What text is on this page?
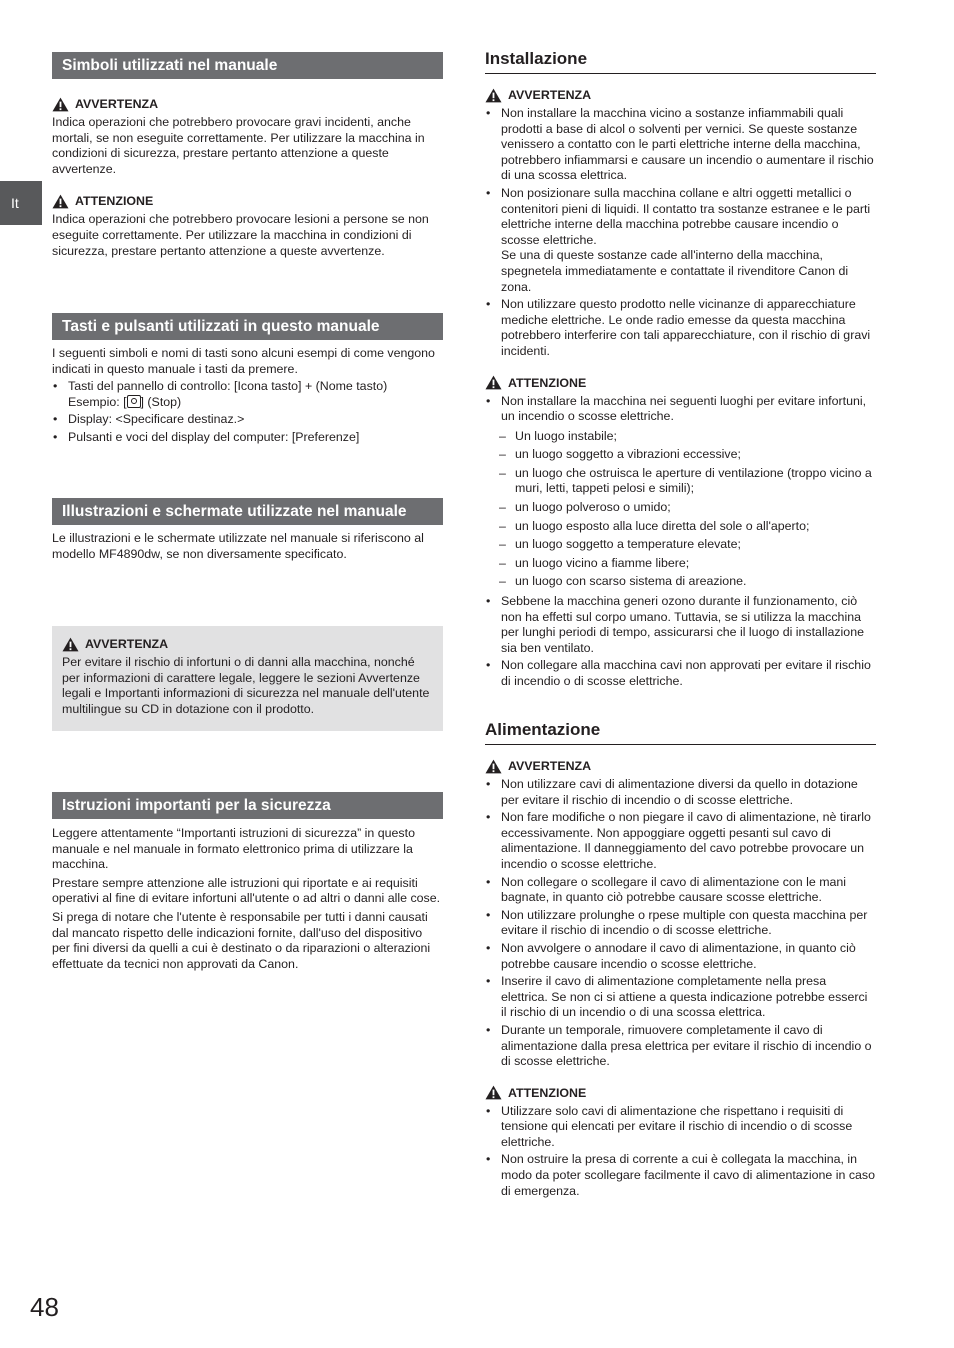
It
Simboli utilizzati nel manuale
AVVERTENZA

Indica operazioni che potrebbero provocare gravi incidenti, anche mortali, se non eseguite correttamente. Per utilizzare la macchina in condizioni di sicurezza, prestare pertanto attenzione a queste avvertenze.

ATTENZIONE

Indica operazioni che potrebbero provocare lesioni a persone se non eseguite correttamente. Per utilizzare la macchina in condizioni di sicurezza, prestare pertanto attenzione a queste avvertenze.

Tasti e pulsanti utilizzati in questo manuale

I seguenti simboli e nomi di tasti sono alcuni esempi di come vengono indicati in questo manuale i tasti da premere.

• Tasti del pannello di controllo: [Icona tasto] + (Nome tasto)
Esempio: [ ] (Stop)
• Display: <Specificare destinaz.>
• Pulsanti e voci del display del computer: [Preferenze]
Illustrazioni e schermate utilizzate nel manuale

Le illustrazioni e le schermate utilizzate nel manuale si riferiscono al modello MF4890dw, se non diversamente specificato.

AVVERTENZA

Per evitare il rischio di infortuni o di danni alla macchina, nonché per informazioni di carattere legale, leggere le sezioni Avvertenze legali e Importanti informazioni di sicurezza nel manuale dell'utente multilingue su CD in dotazione con il prodotto.

Istruzioni importanti per la sicurezza

Leggere attentamente “Importanti istruzioni di sicurezza” in questo manuale e nel manuale in formato elettronico prima di utilizzare la macchina.

Prestare sempre attenzione alle istruzioni qui riportate e ai requisiti operativi al fine di evitare infortuni all'utente o ad altri o danni alle cose.

Si prega di notare che l'utente è responsabile per tutti i danni causati dal mancato rispetto delle indicazioni fornite, dall'uso del dispositivo per fini diversi da quelli a cui è destinato o da riparazioni o alterazioni effettuate da tecnici non approvati da Canon.

Installazione
AVVERTENZA
• Non installare la macchina vicino a sostanze infiammabili quali prodotti a base di alcol o solventi per vernici. Se queste sostanze venissero a contatto con le parti elettriche interne della macchina, potrebbero infiammarsi e causare un incendio o aumentare il rischio di una scossa elettrica.
• Non posizionare sulla macchina collane e altri oggetti metallici o contenitori pieni di liquidi. Il contatto tra sostanze estranee e le parti elettriche interne della macchina potrebbe causare incendio o scosse elettriche.
Se una di queste sostanze cade all'interno della macchina, spegnetela immediatamente e contattate il rivenditore Canon di zona.
• Non utilizzare questo prodotto nelle vicinanze di apparecchiature mediche elettriche. Le onde radio emesse da questa macchina potrebbero interferire con tali apparecchiature, con il rischio di gravi incidenti.
ATTENZIONE
• Non installare la macchina nei seguenti luoghi per evitare infortuni, un incendio o scosse elettriche.
– Un luogo instabile;
– un luogo soggetto a vibrazioni eccessive;
– un luogo che ostruisca le aperture di ventilazione (troppo vicino a muri, letti, tappeti pelosi e simili);
– un luogo polveroso o umido;
– un luogo esposto alla luce diretta del sole o all'aperto;
– un luogo soggetto a temperature elevate;
– un luogo vicino a fiamme libere;
– un luogo con scarso sistema di areazione.
• Sebbene la macchina generi ozono durante il funzionamento, ciò non ha effetti sul corpo umano. Tuttavia, se si utilizza la macchina per lunghi periodi di tempo, assicurarsi che il luogo di installazione sia ben ventilato.
• Non collegare alla macchina cavi non approvati per evitare il rischio di incendio o di scosse elettriche.
Alimentazione
AVVERTENZA
• Non utilizzare cavi di alimentazione diversi da quello in dotazione per evitare il rischio di incendio o di scosse elettriche.
• Non fare modifiche o non piegare il cavo di alimentazione, nè tirarlo eccessivamente. Non appoggiare oggetti pesanti sul cavo di alimentazione. Il danneggiamento del cavo potrebbe provocare un incendio o scosse elettriche.
• Non collegare o scollegare il cavo di alimentazione con le mani bagnate, in quanto ciò potrebbe causare scosse elettriche.
• Non utilizzare prolunghe o rpese multiple con questa macchina per evitare il rischio di incendio o di scosse elettriche.
• Non avvolgere o annodare il cavo di alimentazione, in quanto ciò potrebbe causare incendio o scosse elettriche.
• Inserire il cavo di alimentazione completamente nella presa elettrica. Se non ci si attiene a questa indicazione potrebbe esserci il rischio di un incendio o di una scossa elettrica.
• Durante un temporale, rimuovere completamente il cavo di alimentazione dalla presa elettrica per evitare il rischio di incendio o di scosse elettriche.
ATTENZIONE
• Utilizzare solo cavi di alimentazione che rispettano i requisiti di tensione qui elencati per evitare il rischio di incendio o di scosse elettriche.
• Non ostruire la presa di corrente a cui è collegata la macchina, in modo da poter scollegare facilmente il cavo di alimentazione in caso di emergenza.
48
